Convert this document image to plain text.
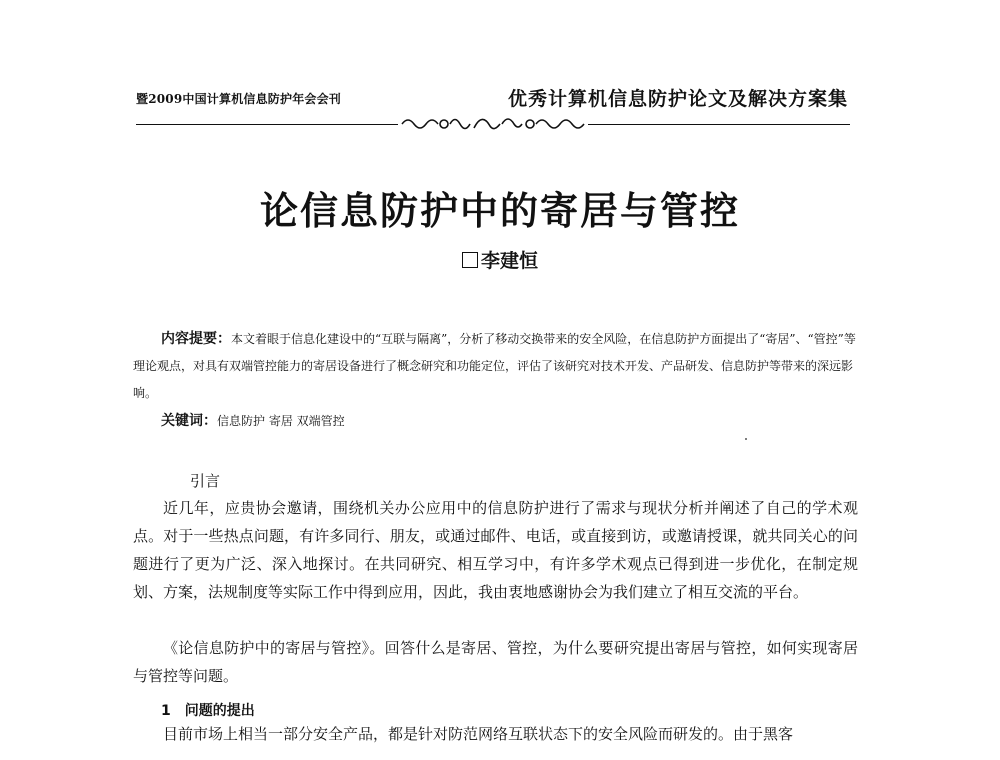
暨2009中国计算机信息防护年会会刊	优秀计算机信息防护论文及解决方案集
论信息防护中的寄居与管控
李建恒
内容提要：本文着眼于信息化建设中的“互联与隔离”，分析了移动交换带来的安全风险，在信息防护方面提出了“寄居”、“管控”等理论观点，对具有双端管控能力的寄居设备进行了概念研究和功能定位，评估了该研究对技术开发、产品研发、信息防护等带来的深远影响。
关键词：信息防护 寄居 双端管控
引言
近几年，应贵协会邀请，围绕机关办公应用中的信息防护进行了需求与现状分析并阐述了自己的学术观点。对于一些热点问题，有许多同行、朋友，或通过邮件、电话，或直接到访，或邀请授课，就共同关心的问题进行了更为广泛、深入地探讨。在共同研究、相互学习中，有许多学术观点已得到进一步优化，在制定规划、方案，法规制度等实际工作中得到应用，因此，我由衷地感谢协会为我们建立了相互交流的平台。
《论信息防护中的寄居与管控》。回答什么是寄居、管控，为什么要研究提出寄居与管控，如何实现寄居与管控等问题。
1　问题的提出
目前市场上相当一部分安全产品，都是针对防范网络互联状态下的安全风险而研发的。由于黑客
